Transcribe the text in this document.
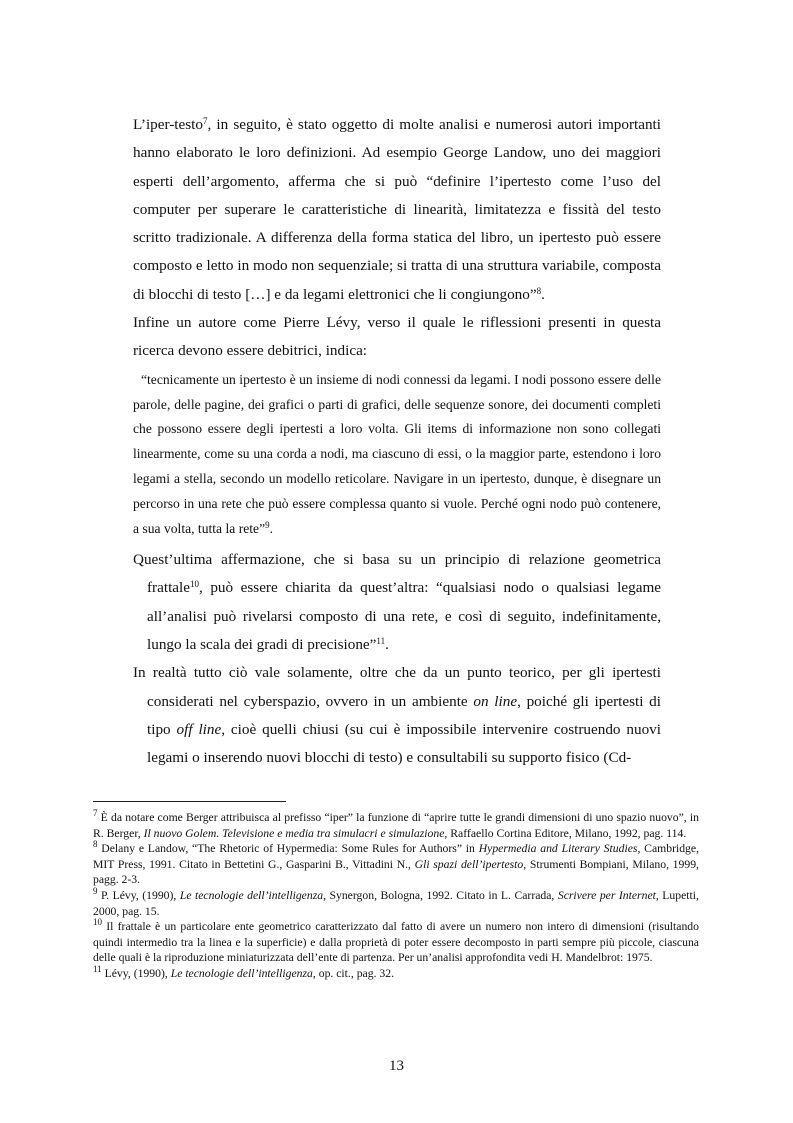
L’iper-testo$^7$, in seguito, è stato oggetto di molte analisi e numerosi autori importanti hanno elaborato le loro definizioni. Ad esempio George Landow, uno dei maggiori esperti dell’argomento, afferma che si può “definire l’ipertesto come l’uso del computer per superare le caratteristiche di linearità, limitatezza e fissità del testo scritto tradizionale. A differenza della forma statica del libro, un ipertesto può essere composto e letto in modo non sequenziale; si tratta di una struttura variabile, composta di blocchi di testo […] e da legami elettronici che li congiungono”$^8$.

Infine un autore come Pierre Lévy, verso il quale le riflessioni presenti in questa ricerca devono essere debitrici, indica:

“tecnicamente un ipertesto è un insieme di nodi connessi da legami. I nodi possono essere delle parole, delle pagine, dei grafici o parti di grafici, delle sequenze sonore, dei documenti completi che possono essere degli ipertesti a loro volta. Gli items di informazione non sono collegati linearmente, come su una corda a nodi, ma ciascuno di essi, o la maggior parte, estendono i loro legami a stella, secondo un modello reticolare. Navigare in un ipertesto, dunque, è disegnare un percorso in una rete che può essere complessa quanto si vuole. Perché ogni nodo può contenere, a sua volta, tutta la rete”$^9$.

Quest’ultima affermazione, che si basa su un principio di relazione geometrica frattale$^{10}$, può essere chiarita da quest’altra: “qualsiasi nodo o qualsiasi legame all’analisi può rivelarsi composto di una rete, e così di seguito, indefinitamente, lungo la scala dei gradi di precisione”$^{11}$.

In realtà tutto ciò vale solamente, oltre che da un punto teorico, per gli ipertesti considerati nel cyberspazio, ovvero in un ambiente on line, poiché gli ipertesti di tipo off line, cioè quelli chiusi (su cui è impossibile intervenire costruendo nuovi legami o inserendo nuovi blocchi di testo) e consultabili su supporto fisico (Cd-

$^7$ È da notare come Berger attribuisca al prefisso “iper” la funzione di “aprire tutte le grandi dimensioni di uno spazio nuovo”, in R. Berger, Il nuovo Golem. Televisione e media tra simulacri e simulazione, Raffaello Cortina Editore, Milano, 1992, pag. 114.

$^8$ Delany e Landow, “The Rhetoric of Hypermedia: Some Rules for Authors” in Hypermedia and Literary Studies, Cambridge, MIT Press, 1991. Citato in Bettetini G., Gasparini B., Vittadini N., Gli spazi dell’ipertesto, Strumenti Bompiani, Milano, 1999, pagg. 2-3.

$^9$ P. Lévy, (1990), Le tecnologie dell’intelligenza, Synergon, Bologna, 1992. Citato in L. Carrada, Scrivere per Internet, Lupetti, 2000, pag. 15.

$^{10}$ Il frattale è un particolare ente geometrico caratterizzato dal fatto di avere un numero non intero di dimensioni (risultando quindi intermedio tra la linea e la superficie) e dalla proprietà di poter essere decomposto in parti sempre più piccole, ciascuna delle quali è la riproduzione miniaturizzata dell’ente di partenza. Per un’analisi approfondita vedi H. Mandelbrot: 1975.

$^{11}$ Lévy, (1990), Le tecnologie dell’intelligenza, op. cit., pag. 32.

13
